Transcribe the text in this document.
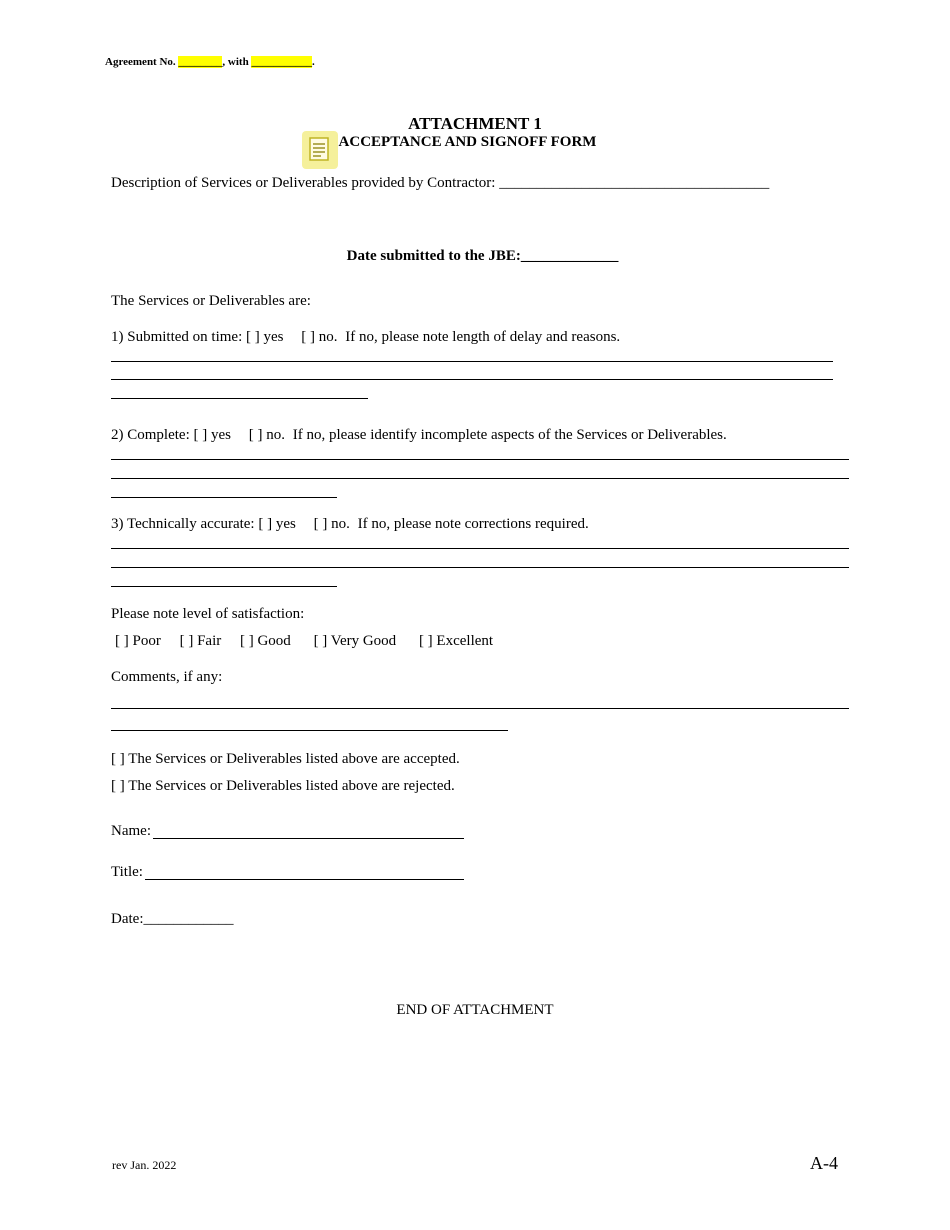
Agreement No. ________, with ___________.
ATTACHMENT 1
ACCEPTANCE AND SIGNOFF FORM
Description of Services or Deliverables provided by Contractor: ____________________________________
Date submitted to the JBE:_____________
The Services or Deliverables are:
1) Submitted on time: [ ] yes [ ] no. If no, please note length of delay and reasons.
2) Complete: [ ] yes [ ] no. If no, please identify incomplete aspects of the Services or Deliverables.
3) Technically accurate: [ ] yes [ ] no. If no, please note corrections required.
Please note level of satisfaction:
[ ] Poor [ ] Fair [ ] Good [ ] Very Good [ ] Excellent
Comments, if any:
[ ] The Services or Deliverables listed above are accepted.
[ ] The Services or Deliverables listed above are rejected.
Name:
Title:
Date:____________
END OF ATTACHMENT
rev Jan. 2022	A-4
